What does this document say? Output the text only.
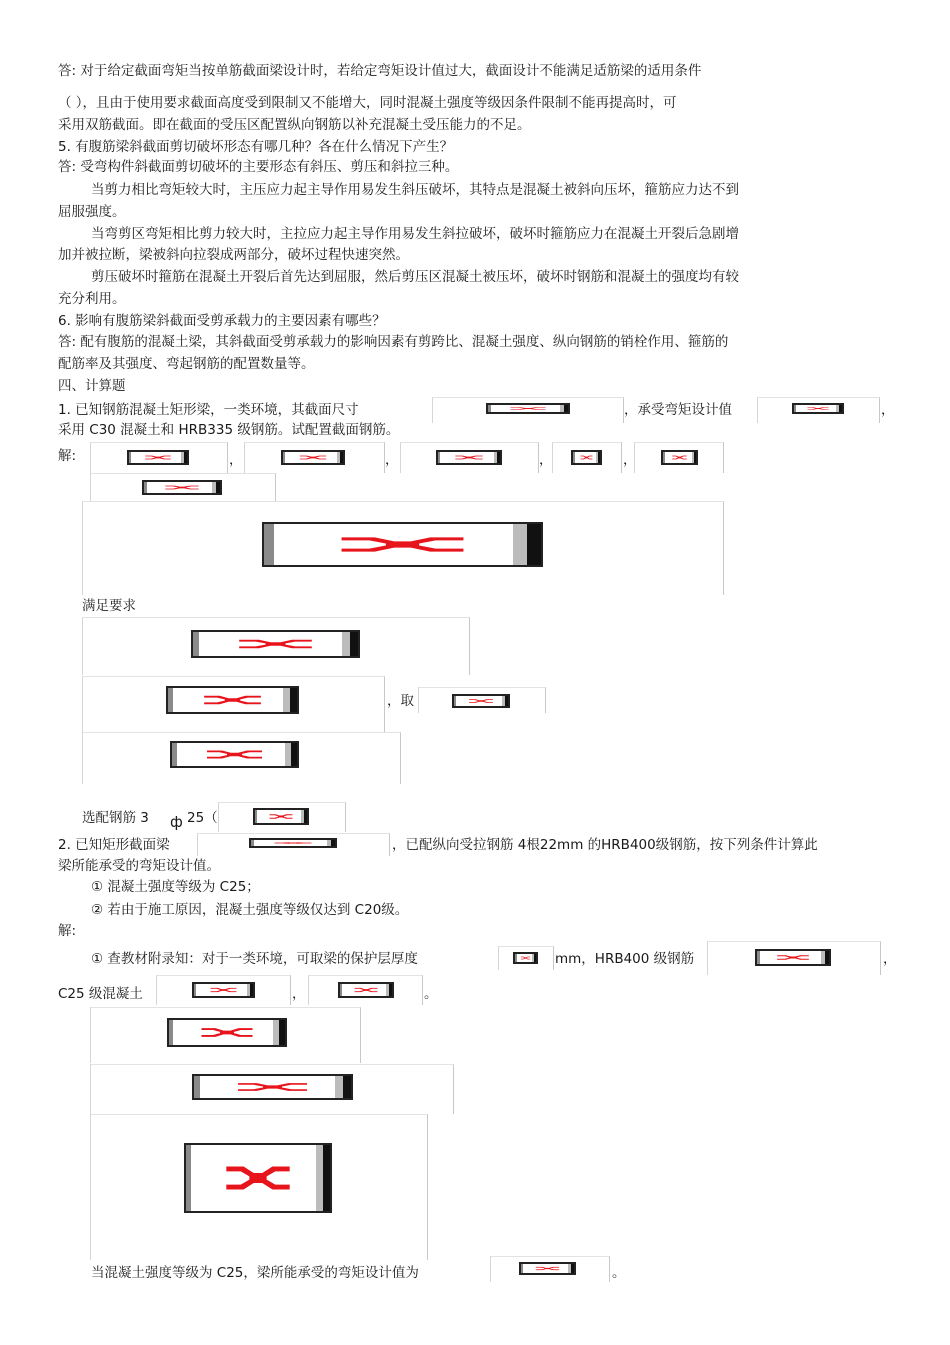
答: 对于给定截面弯矩当按单筋截面梁设计时，若给定弯矩设计值过大，截面设计不能满足适筋梁的适用条件
（ ），且由于使用要求截面高度受到限制又不能增大，同时混凝土强度等级因条件限制不能再提高时，可
采用双筋截面。即在截面的受压区配置纵向钢筋以补充混凝土受压能力的不足。
5. 有腹筋梁斜截面剪切破坏形态有哪几种？各在什么情况下产生？
答: 受弯构件斜截面剪切破坏的主要形态有斜压、剪压和斜拉三种。
当剪力相比弯矩较大时，主压应力起主导作用易发生斜压破坏，其特点是混凝土被斜向压坏，箍筋应力达不到
屈服强度。
当弯剪区弯矩相比剪力较大时，主拉应力起主导作用易发生斜拉破坏，破坏时箍筋应力在混凝土开裂后急剧增
加并被拉断，梁被斜向拉裂成两部分，破坏过程快速突然。
剪压破坏时箍筋在混凝土开裂后首先达到屈服，然后剪压区混凝土被压坏，破坏时钢筋和混凝土的强度均有较
充分利用。
6. 影响有腹筋梁斜截面受剪承载力的主要因素有哪些？
答: 配有腹筋的混凝土梁，其斜截面受剪承载力的影响因素有剪跨比、混凝土强度、纵向钢筋的销栓作用、箍筋的
配筋率及其强度、弯起钢筋的配置数量等。
四、计算题
1. 已知钢筋混凝土矩形梁，一类环境，其截面尺寸	，承受弯矩设计值	，
采用 C30 混凝土和 HRB335 级钢筋。试配置截面钢筋。
解:	，	，	，	，
满足要求
，取
选配钢筋 3 ф 25（
2. 已知矩形截面梁	，已配纵向受拉钢筋 4根22mm 的HRB400级钢筋，按下列条件计算此
梁所能承受的弯矩设计值。
① 混凝土强度等级为 C25；
② 若由于施工原因，混凝土强度等级仅达到 C20级。
解:
① 查教材附录知：对于一类环境，可取梁的保护层厚度	mm，HRB400 级钢筋	，
C25 级混凝土	，	。
当混凝土强度等级为 C25，梁所能承受的弯矩设计值为	。
